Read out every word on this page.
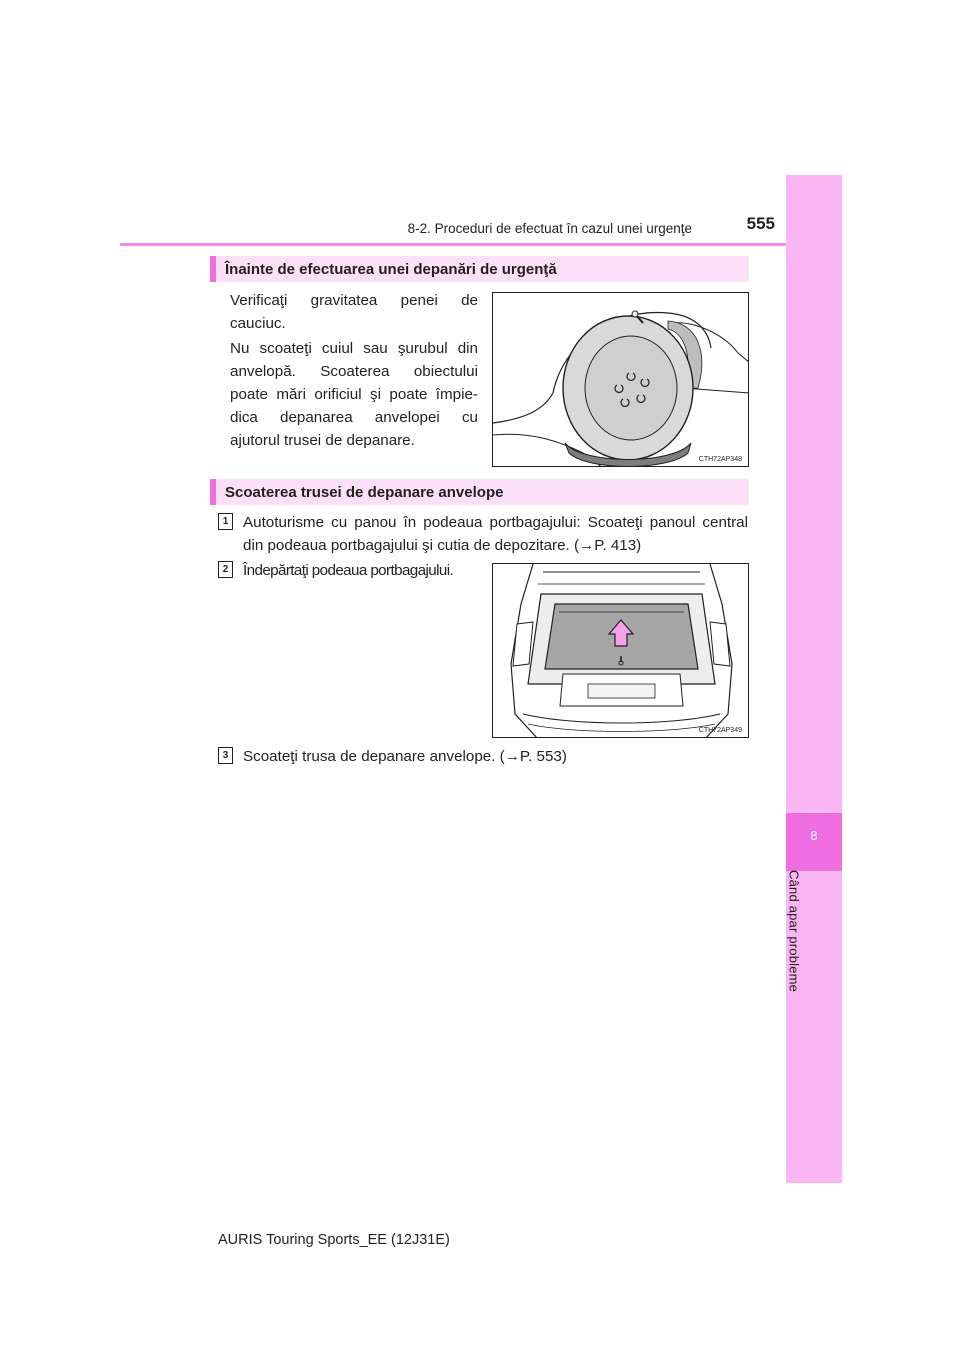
8
Când apar probleme
8-2. Proceduri de efectuat în cazul unei urgenţe	555
Înainte de efectuarea unei depanări de urgenţă
Verificaţi gravitatea penei de cauciuc.
Nu scoateţi cuiul sau şurubul din anvelopă. Scoaterea obiectului poate mări orificiul şi poate împie-dica depanarea anvelopei cu ajutorul trusei de depanare.
CTH72AP348
Scoaterea trusei de depanare anvelope
1 Autoturisme cu panou în podeaua portbagajului: Scoateţi panoul central din podeaua portbagajului şi cutia de depozitare. (→P. 413)
2 Îndepărtaţi podeaua portbagajului.
CTH72AP349
3 Scoateţi trusa de depanare anvelope. (→P. 553)
AURIS Touring Sports_EE (12J31E)
